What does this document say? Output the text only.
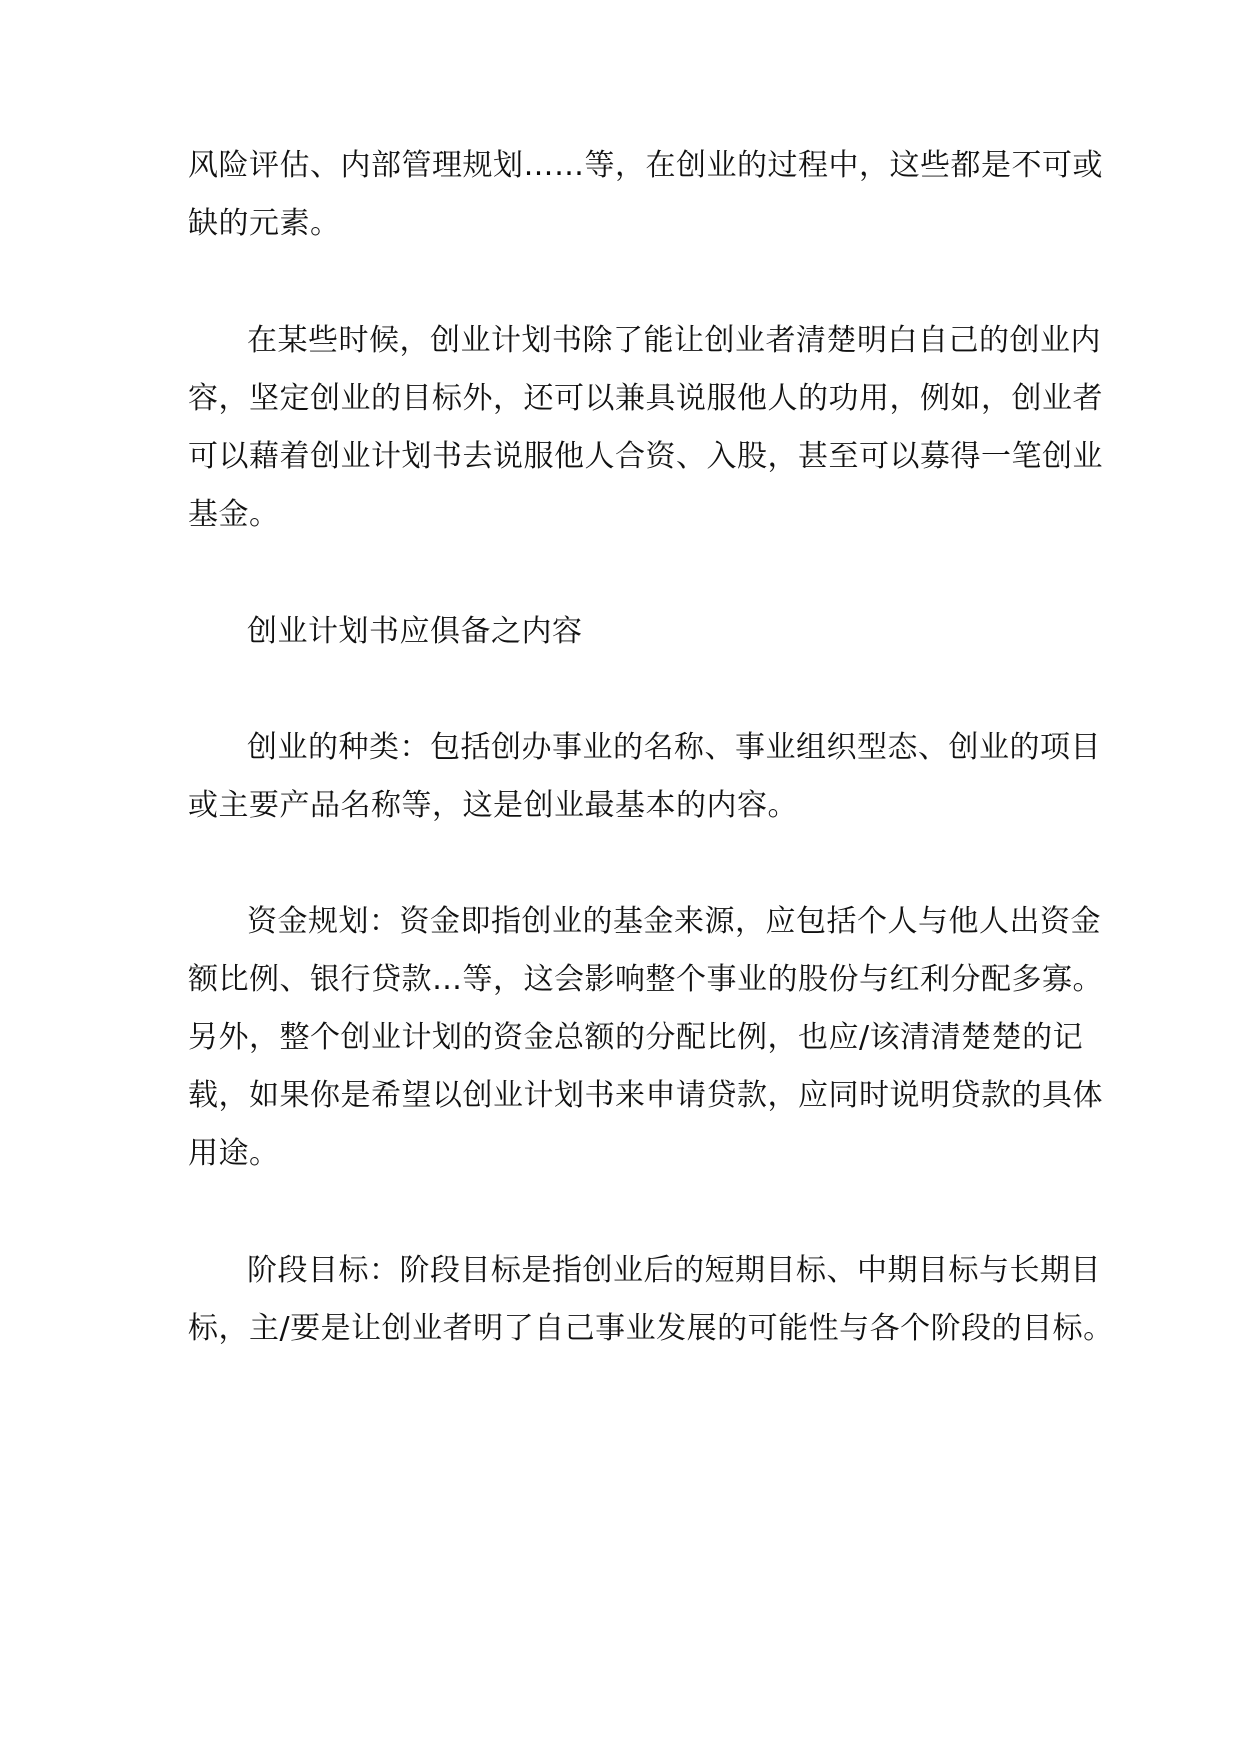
风险评估、内部管理规划……等，在创业的过程中，这些都是不可或
缺的元素。
在某些时候，创业计划书除了能让创业者清楚明白自己的创业内
容，坚定创业的目标外，还可以兼具说服他人的功用，例如，创业者
可以藉着创业计划书去说服他人合资、入股，甚至可以募得一笔创业
基金。
创业计划书应俱备之内容
创业的种类：包括创办事业的名称、事业组织型态、创业的项目
或主要产品名称等，这是创业最基本的内容。
资金规划：资金即指创业的基金来源，应包括个人与他人出资金
额比例、银行贷款…等，这会影响整个事业的股份与红利分配多寡。
另外，整个创业计划的资金总额的分配比例，也应/该清清楚楚的记
载，如果你是希望以创业计划书来申请贷款，应同时说明贷款的具体
用途。
阶段目标：阶段目标是指创业后的短期目标、中期目标与长期目
标，主/要是让创业者明了自己事业发展的可能性与各个阶段的目标。
